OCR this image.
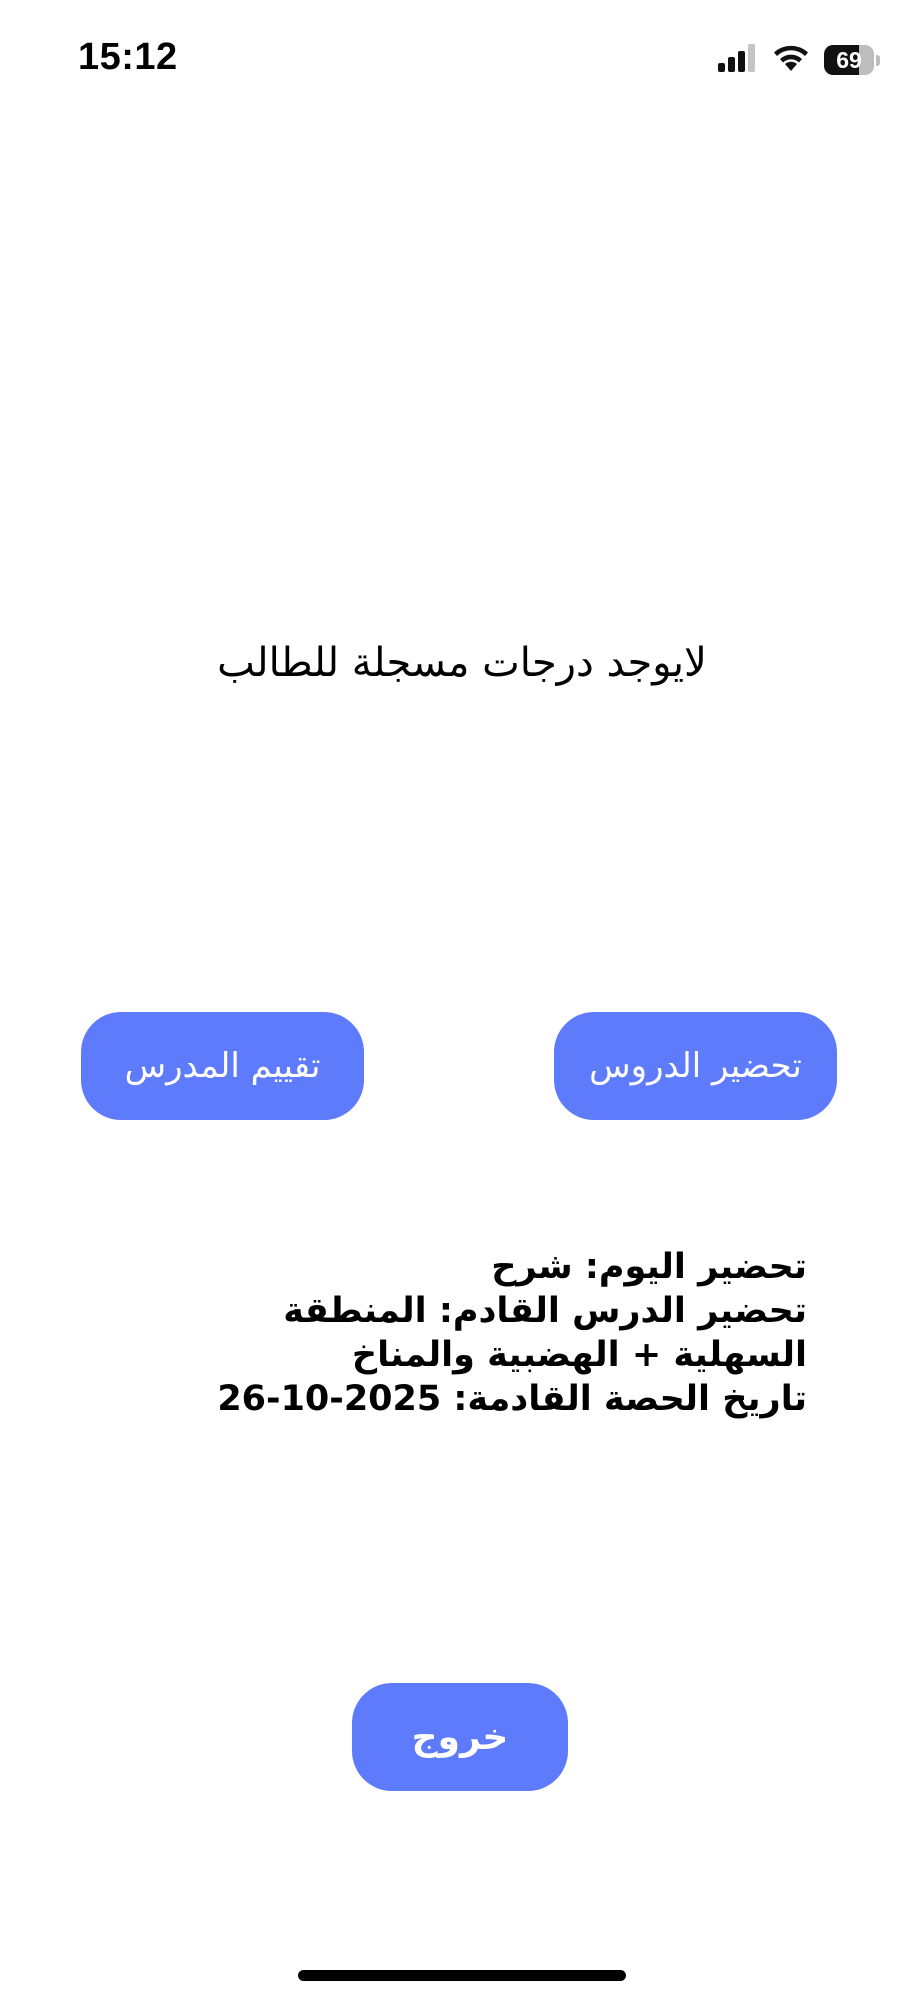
15:12	69
لايوجد درجات مسجلة للطالب
تحضير الدروس
تقييم المدرس
تحضير اليوم: شرح
تحضير الدرس القادم: المنطقة السهلية + الهضبية والمناخ
تاريخ الحصة القادمة: 2025-10-26
خروج
